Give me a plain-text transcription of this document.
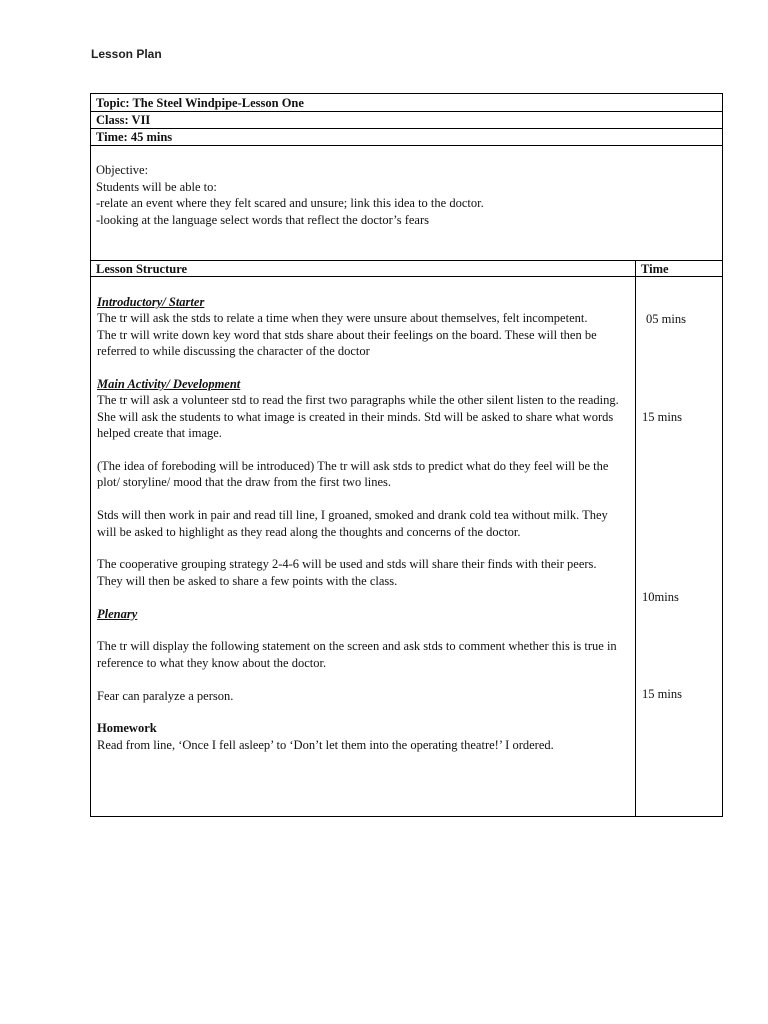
Lesson Plan
Topic: The Steel Windpipe-Lesson One
Class: VII
Time: 45 mins
Objective:
Students will be able to:
-relate an event where they felt scared and unsure; link this idea to the doctor.
-looking at the language select words that reflect the doctor’s fears
Lesson Structure	Time

Introductory/ Starter

The tr will ask the stds to relate a time when they were unsure about themselves, felt incompetent.

The tr will write down key word that stds share about their feelings on the board. These will then be referred to while discussing the character of the doctor

Main Activity/ Development

The tr will ask a volunteer std to read the first two paragraphs while the other silent listen to the reading. She will ask the students to what image is created in their minds. Std will be asked to share what words helped create that image.

(The idea of foreboding will be introduced) The tr will ask stds to predict what do they feel will be the plot/ storyline/ mood that the draw from the first two lines.

Stds will then work in pair and read till line, I groaned, smoked and drank cold tea without milk. They will be asked to highlight as they read along the thoughts and concerns of the doctor.

The cooperative grouping strategy 2-4-6 will be used and stds will share their finds with their peers.

They will then be asked to share a few points with the class.

Plenary

The tr will display the following statement on the screen and ask stds to comment whether this is true in reference to what they know about the doctor.

Fear can paralyze a person.

Homework

Read from line, ‘Once I fell asleep’ to ‘Don’t let them into the operating theatre!’ I ordered.

05 mins
15 mins
10mins
15 mins
